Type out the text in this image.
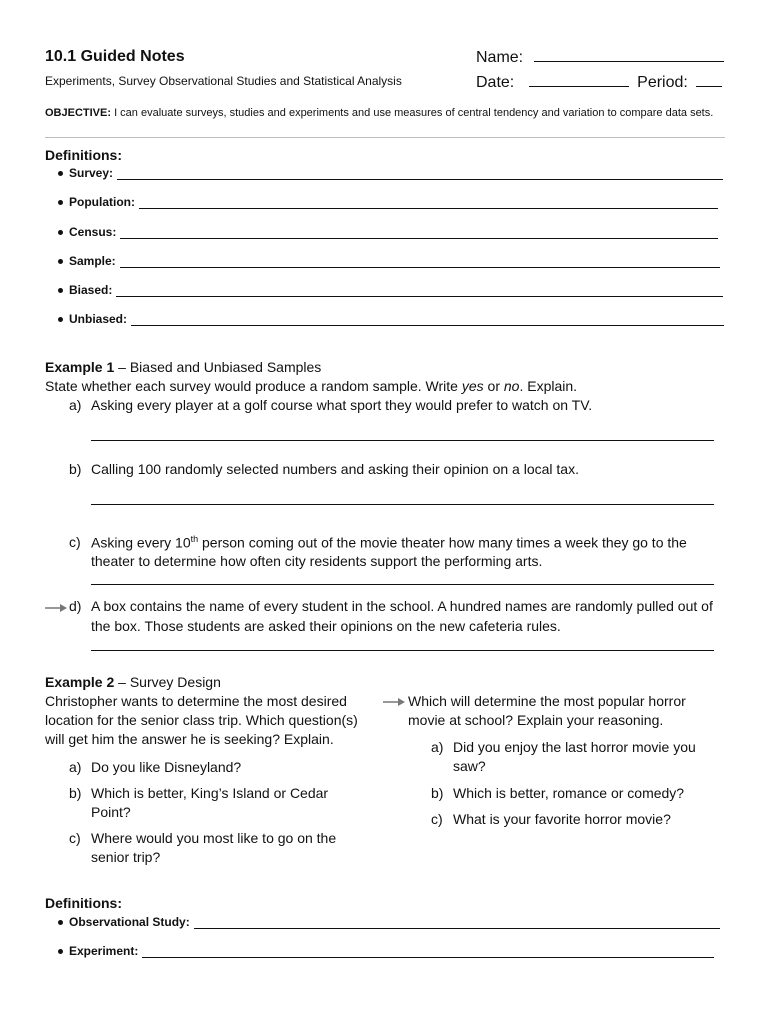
10.1 Guided Notes
Experiments, Survey Observational Studies and Statistical Analysis
Name:
Date:	Period:
OBJECTIVE: I can evaluate surveys, studies and experiments and use measures of central tendency and variation to compare data sets.
Definitions:
Survey:
Population:
Census:
Sample:
Biased:
Unbiased:
Example 1 – Biased and Unbiased Samples
State whether each survey would produce a random sample. Write yes or no. Explain.
a) Asking every player at a golf course what sport they would prefer to watch on TV.
b) Calling 100 randomly selected numbers and asking their opinion on a local tax.
c) Asking every 10th person coming out of the movie theater how many times a week they go to the
theater to determine how often city residents support the performing arts.
d) A box contains the name of every student in the school. A hundred names are randomly pulled out of
the box. Those students are asked their opinions on the new cafeteria rules.
Example 2 – Survey Design
Christopher wants to determine the most desired
location for the senior class trip. Which question(s)
will get him the answer he is seeking? Explain.
a) Do you like Disneyland?
b) Which is better, King’s Island or Cedar
Point?
c) Where would you most like to go on the
senior trip?
Which will determine the most popular horror
movie at school? Explain your reasoning.
a) Did you enjoy the last horror movie you
saw?
b) Which is better, romance or comedy?
c) What is your favorite horror movie?
Definitions:
Observational Study:
Experiment:
